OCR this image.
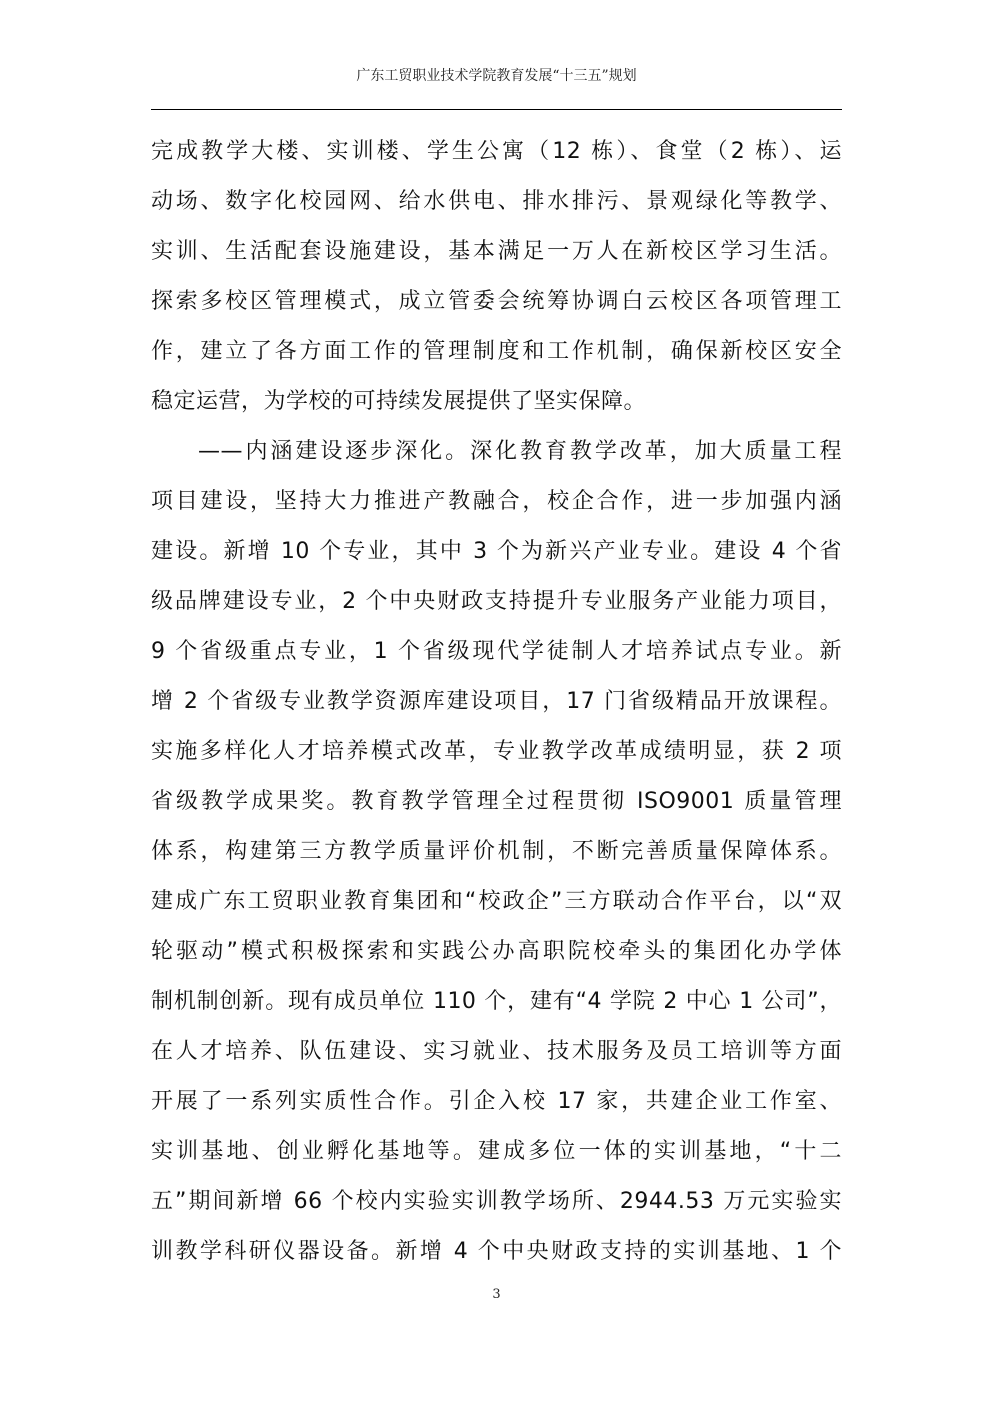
广东工贸职业技术学院教育发展“十三五”规划
完成教学大楼、实训楼、学生公寓（12 栋）、食堂（2 栋）、运
动场、数字化校园网、给水供电、排水排污、景观绿化等教学、
实训、生活配套设施建设，基本满足一万人在新校区学习生活。
探索多校区管理模式，成立管委会统筹协调白云校区各项管理工
作，建立了各方面工作的管理制度和工作机制，确保新校区安全
稳定运营，为学校的可持续发展提供了坚实保障。
——内涵建设逐步深化。深化教育教学改革，加大质量工程
项目建设，坚持大力推进产教融合，校企合作，进一步加强内涵
建设。新增 10 个专业，其中 3 个为新兴产业专业。建设 4 个省
级品牌建设专业，2 个中央财政支持提升专业服务产业能力项目，
9 个省级重点专业，1 个省级现代学徒制人才培养试点专业。新
增 2 个省级专业教学资源库建设项目，17 门省级精品开放课程。
实施多样化人才培养模式改革，专业教学改革成绩明显，获 2 项
省级教学成果奖。教育教学管理全过程贯彻 ISO9001 质量管理
体系，构建第三方教学质量评价机制，不断完善质量保障体系。
建成广东工贸职业教育集团和“校政企”三方联动合作平台，以“双
轮驱动”模式积极探索和实践公办高职院校牵头的集团化办学体
制机制创新。现有成员单位 110 个，建有“4 学院 2 中心 1 公司”，
在人才培养、队伍建设、实习就业、技术服务及员工培训等方面
开展了一系列实质性合作。引企入校 17 家，共建企业工作室、
实训基地、创业孵化基地等。建成多位一体的实训基地，“十二
五”期间新增 66 个校内实验实训教学场所、2944.53 万元实验实
训教学科研仪器设备。新增 4 个中央财政支持的实训基地、1 个
3
